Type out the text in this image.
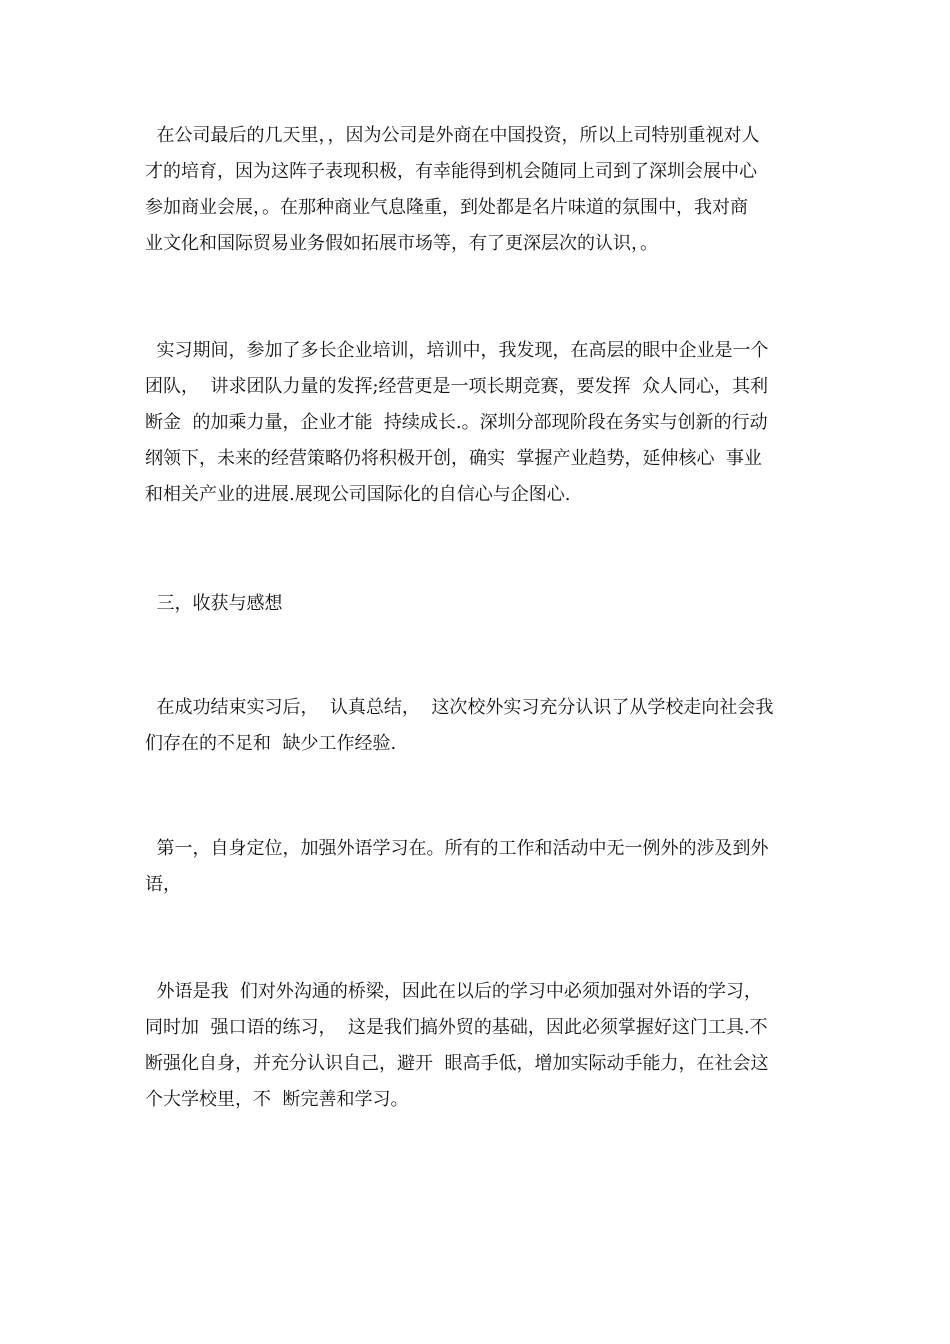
在公司最后的几天里，，因为公司是外商在中国投资，所以上司特别重视对人
才的培育，因为这阵子表现积极，有幸能得到机会随同上司到了深圳会展中心
参加商业会展，。在那种商业气息隆重，到处都是名片味道的氛围中，我对商
业文化和国际贸易业务假如拓展市场等，有了更深层次的认识，。
实习期间，参加了多长企业培训，培训中，我发现，在高层的眼中企业是一个
团队，  讲求团队力量的发挥;经营更是一项长期竞赛，要发挥  众人同心，其利
断金  的加乘力量，企业才能  持续成长.。深圳分部现阶段在务实与创新的行动
纲领下，未来的经营策略仍将积极开创，确实  掌握产业趋势，延伸核心  事业
和相关产业的进展.展现公司国际化的自信心与企图心.
三，收获与感想
在成功结束实习后，  认真总结，  这次校外实习充分认识了从学校走向社会我
们存在的不足和  缺少工作经验.
第一，自身定位，加强外语学习在。所有的工作和活动中无一例外的涉及到外
语，
外语是我  们对外沟通的桥梁，因此在以后的学习中必须加强对外语的学习，
同时加  强口语的练习，  这是我们搞外贸的基础，因此必须掌握好这门工具.不
断强化自身，并充分认识自己，避开  眼高手低，增加实际动手能力，在社会这
个大学校里，不  断完善和学习。
